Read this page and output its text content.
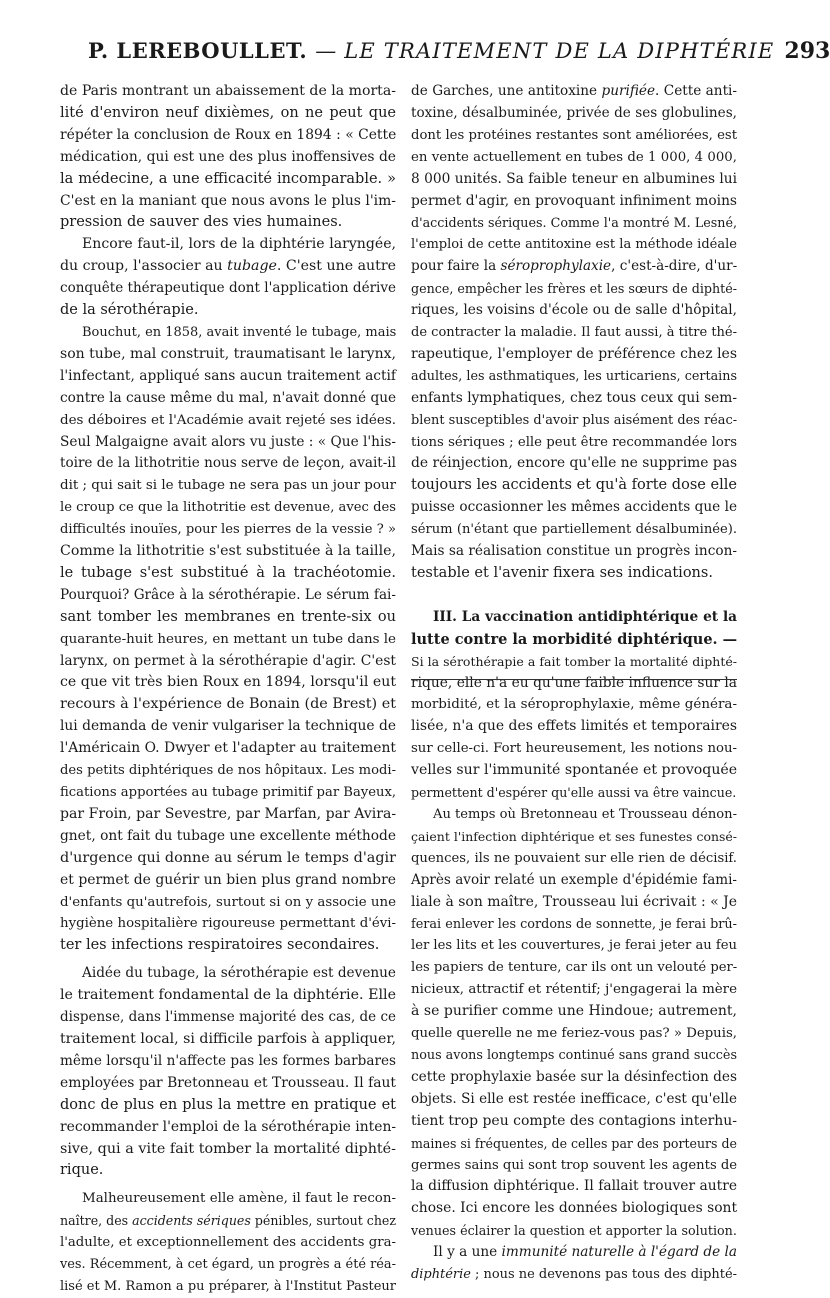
P. LEREBOULLET. — LE TRAITEMENT DE LA DIPHTÉRIE 293

de Paris montrant un abaissement de la morta-
lité d'environ neuf dixièmes, on ne peut que
répéter la conclusion de Roux en 1894 : « Cette
médication, qui est une des plus inoffensives de
la médecine, a une efficacité incomparable. »
C'est en la maniant que nous avons le plus l'im-
pression de sauver des vies humaines.

Encore faut-il, lors de la diphtérie laryngée,
du croup, l'associer au tubage. C'est une autre
conquête thérapeutique dont l'application dérive
de la sérothérapie.

Bouchut, en 1858, avait inventé le tubage, mais
son tube, mal construit, traumatisant le larynx,
l'infectant, appliqué sans aucun traitement actif
contre la cause même du mal, n'avait donné que
des déboires et l'Académie avait rejeté ses idées.
Seul Malgaigne avait alors vu juste : « Que l'his-
toire de la lithotritie nous serve de leçon, avait-il
dit ; qui sait si le tubage ne sera pas un jour pour
le croup ce que la lithotritie est devenue, avec des
difficultés inouïes, pour les pierres de la vessie ? »
Comme la lithotritie s'est substituée à la taille,
le tubage s'est substitué à la trachéotomie.
Pourquoi? Grâce à la sérothérapie. Le sérum fai-
sant tomber les membranes en trente-six ou
quarante-huit heures, en mettant un tube dans le
larynx, on permet à la sérothérapie d'agir. C'est
ce que vit très bien Roux en 1894, lorsqu'il eut
recours à l'expérience de Bonain (de Brest) et
lui demanda de venir vulgariser la technique de
l'Américain O. Dwyer et l'adapter au traitement
des petits diphtériques de nos hôpitaux. Les modi-
fications apportées au tubage primitif par Bayeux,
par Froin, par Sevestre, par Marfan, par Avira-
gnet, ont fait du tubage une excellente méthode
d'urgence qui donne au sérum le temps d'agir
et permet de guérir un bien plus grand nombre
d'enfants qu'autrefois, surtout si on y associe une
hygiène hospitalière rigoureuse permettant d'évi-
ter les infections respiratoires secondaires.

Aidée du tubage, la sérothérapie est devenue
le traitement fondamental de la diphtérie. Elle
dispense, dans l'immense majorité des cas, de ce
traitement local, si difficile parfois à appliquer,
même lorsqu'il n'affecte pas les formes barbares
employées par Bretonneau et Trousseau. Il faut
donc de plus en plus la mettre en pratique et
recommander l'emploi de la sérothérapie inten-
sive, qui a vite fait tomber la mortalité diphté-
rique.

Malheureusement elle amène, il faut le recon-
naître, des accidents sériques pénibles, surtout chez
l'adulte, et exceptionnellement des accidents gra-
ves. Récemment, à cet égard, un progrès a été réa-
lisé et M. Ramon a pu préparer, à l'Institut Pasteur

de Garches, une antitoxine purifiée. Cette anti-
toxine, désalbuminée, privée de ses globulines,
dont les protéines restantes sont améliorées, est
en vente actuellement en tubes de 1 000, 4 000,
8 000 unités. Sa faible teneur en albumines lui
permet d'agir, en provoquant infiniment moins
d'accidents sériques. Comme l'a montré M. Lesné,
l'emploi de cette antitoxine est la méthode idéale
pour faire la séroprophylaxie, c'est-à-dire, d'ur-
gence, empêcher les frères et les sœurs de diphté-
riques, les voisins d'école ou de salle d'hôpital,
de contracter la maladie. Il faut aussi, à titre thé-
rapeutique, l'employer de préférence chez les
adultes, les asthmatiques, les urticariens, certains
enfants lymphatiques, chez tous ceux qui sem-
blent susceptibles d'avoir plus aisément des réac-
tions sériques ; elle peut être recommandée lors
de réinjection, encore qu'elle ne supprime pas
toujours les accidents et qu'à forte dose elle
puisse occasionner les mêmes accidents que le
sérum (n'étant que partiellement désalbuminée).
Mais sa réalisation constitue un progrès incon-
testable et l'avenir fixera ses indications.

III. La vaccination antidiphtérique et la
lutte contre la morbidité diphtérique. —

Si la sérothérapie a fait tomber la mortalité diphté-
rique, elle n'a eu qu'une faible influence sur la
morbidité, et la séroprophylaxie, même généra-
lisée, n'a que des effets limités et temporaires
sur celle-ci. Fort heureusement, les notions nou-
velles sur l'immunité spontanée et provoquée
permettent d'espérer qu'elle aussi va être vaincue.

Au temps où Bretonneau et Trousseau dénon-
çaient l'infection diphtérique et ses funestes consé-
quences, ils ne pouvaient sur elle rien de décisif.
Après avoir relaté un exemple d'épidémie fami-
liale à son maître, Trousseau lui écrivait : « Je
ferai enlever les cordons de sonnette, je ferai brû-
ler les lits et les couvertures, je ferai jeter au feu
les papiers de tenture, car ils ont un velouté per-
nicieux, attractif et rétentif; j'engagerai la mère
à se purifier comme une Hindoue; autrement,
quelle querelle ne me feriez-vous pas? » Depuis,
nous avons longtemps continué sans grand succès
cette prophylaxie basée sur la désinfection des
objets. Si elle est restée inefficace, c'est qu'elle
tient trop peu compte des contagions interhu-
maines si fréquentes, de celles par des porteurs de
germes sains qui sont trop souvent les agents de
la diffusion diphtérique. Il fallait trouver autre
chose. Ici encore les données biologiques sont
venues éclairer la question et apporter la solution.

Il y a une immunité naturelle à l'égard de la
diphtérie ; nous ne devenons pas tous des diphté-
